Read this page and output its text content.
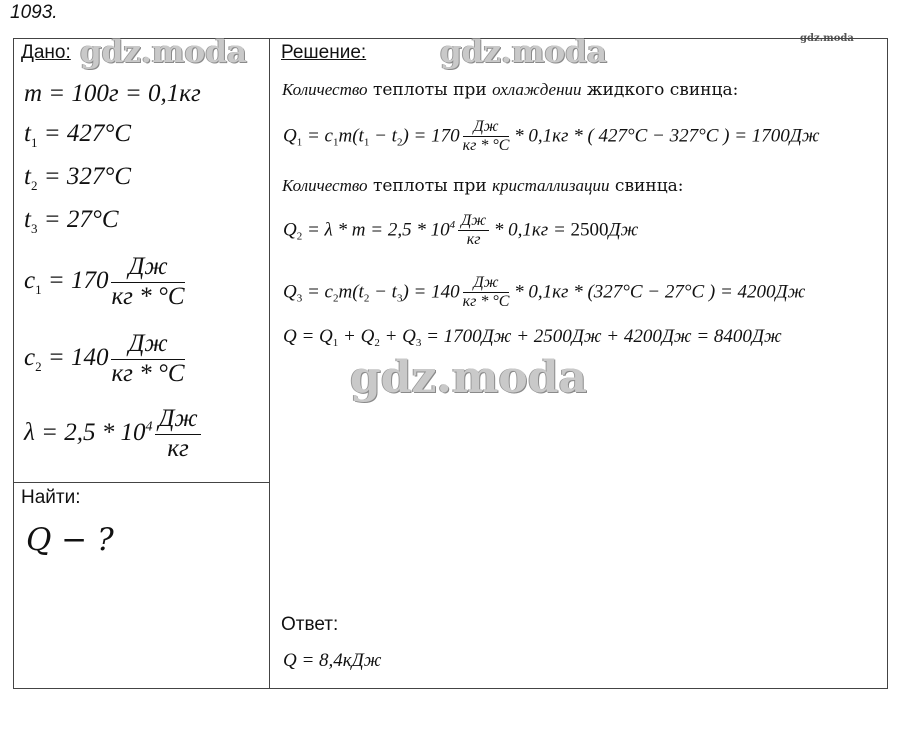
1093.
gdz.moda
Дано: gdz.moda
m = 100г = 0,1кг
$t_1 = 427^\circ C$
$t_2 = 327^\circ C$
$t_3 = 27^\circ C$
$c_1 = 170 \frac{Дж}{кг * ^\circ C}$
$c_2 = 140 \frac{Дж}{кг * ^\circ C}$
$\lambda = 2,5 * 10^4 \frac{Дж}{кг}$
Найти:
Q − ?
Решение: gdz.moda
Количество теплоты при охлаждении жидкого свинца:
$Q_1 = c_1m(t_1 - t_2) = 170 \frac{Дж}{кг * ^\circ C} * 0,1кг$ * ( 427°C − 327°C ) = 1700Дж
Количество теплоты при кристаллизации свинца:
$Q_2 = \lambda * m = 2,5 * 10^4 \frac{Дж}{кг} * 0,1кг = 2500Дж$
$Q_3 = c_2m(t_2 - t_3) = 140 \frac{Дж}{кг * ^\circ C} * 0,1кг * (327^\circ C - 27^\circ C$ ) = 4200Дж
$Q = Q_1 + Q_2 + Q_3 = 1700Дж + 2500Дж + 4200Дж = 8400Дж$
gdz.moda
Ответ:
Q = 8,4кДж
